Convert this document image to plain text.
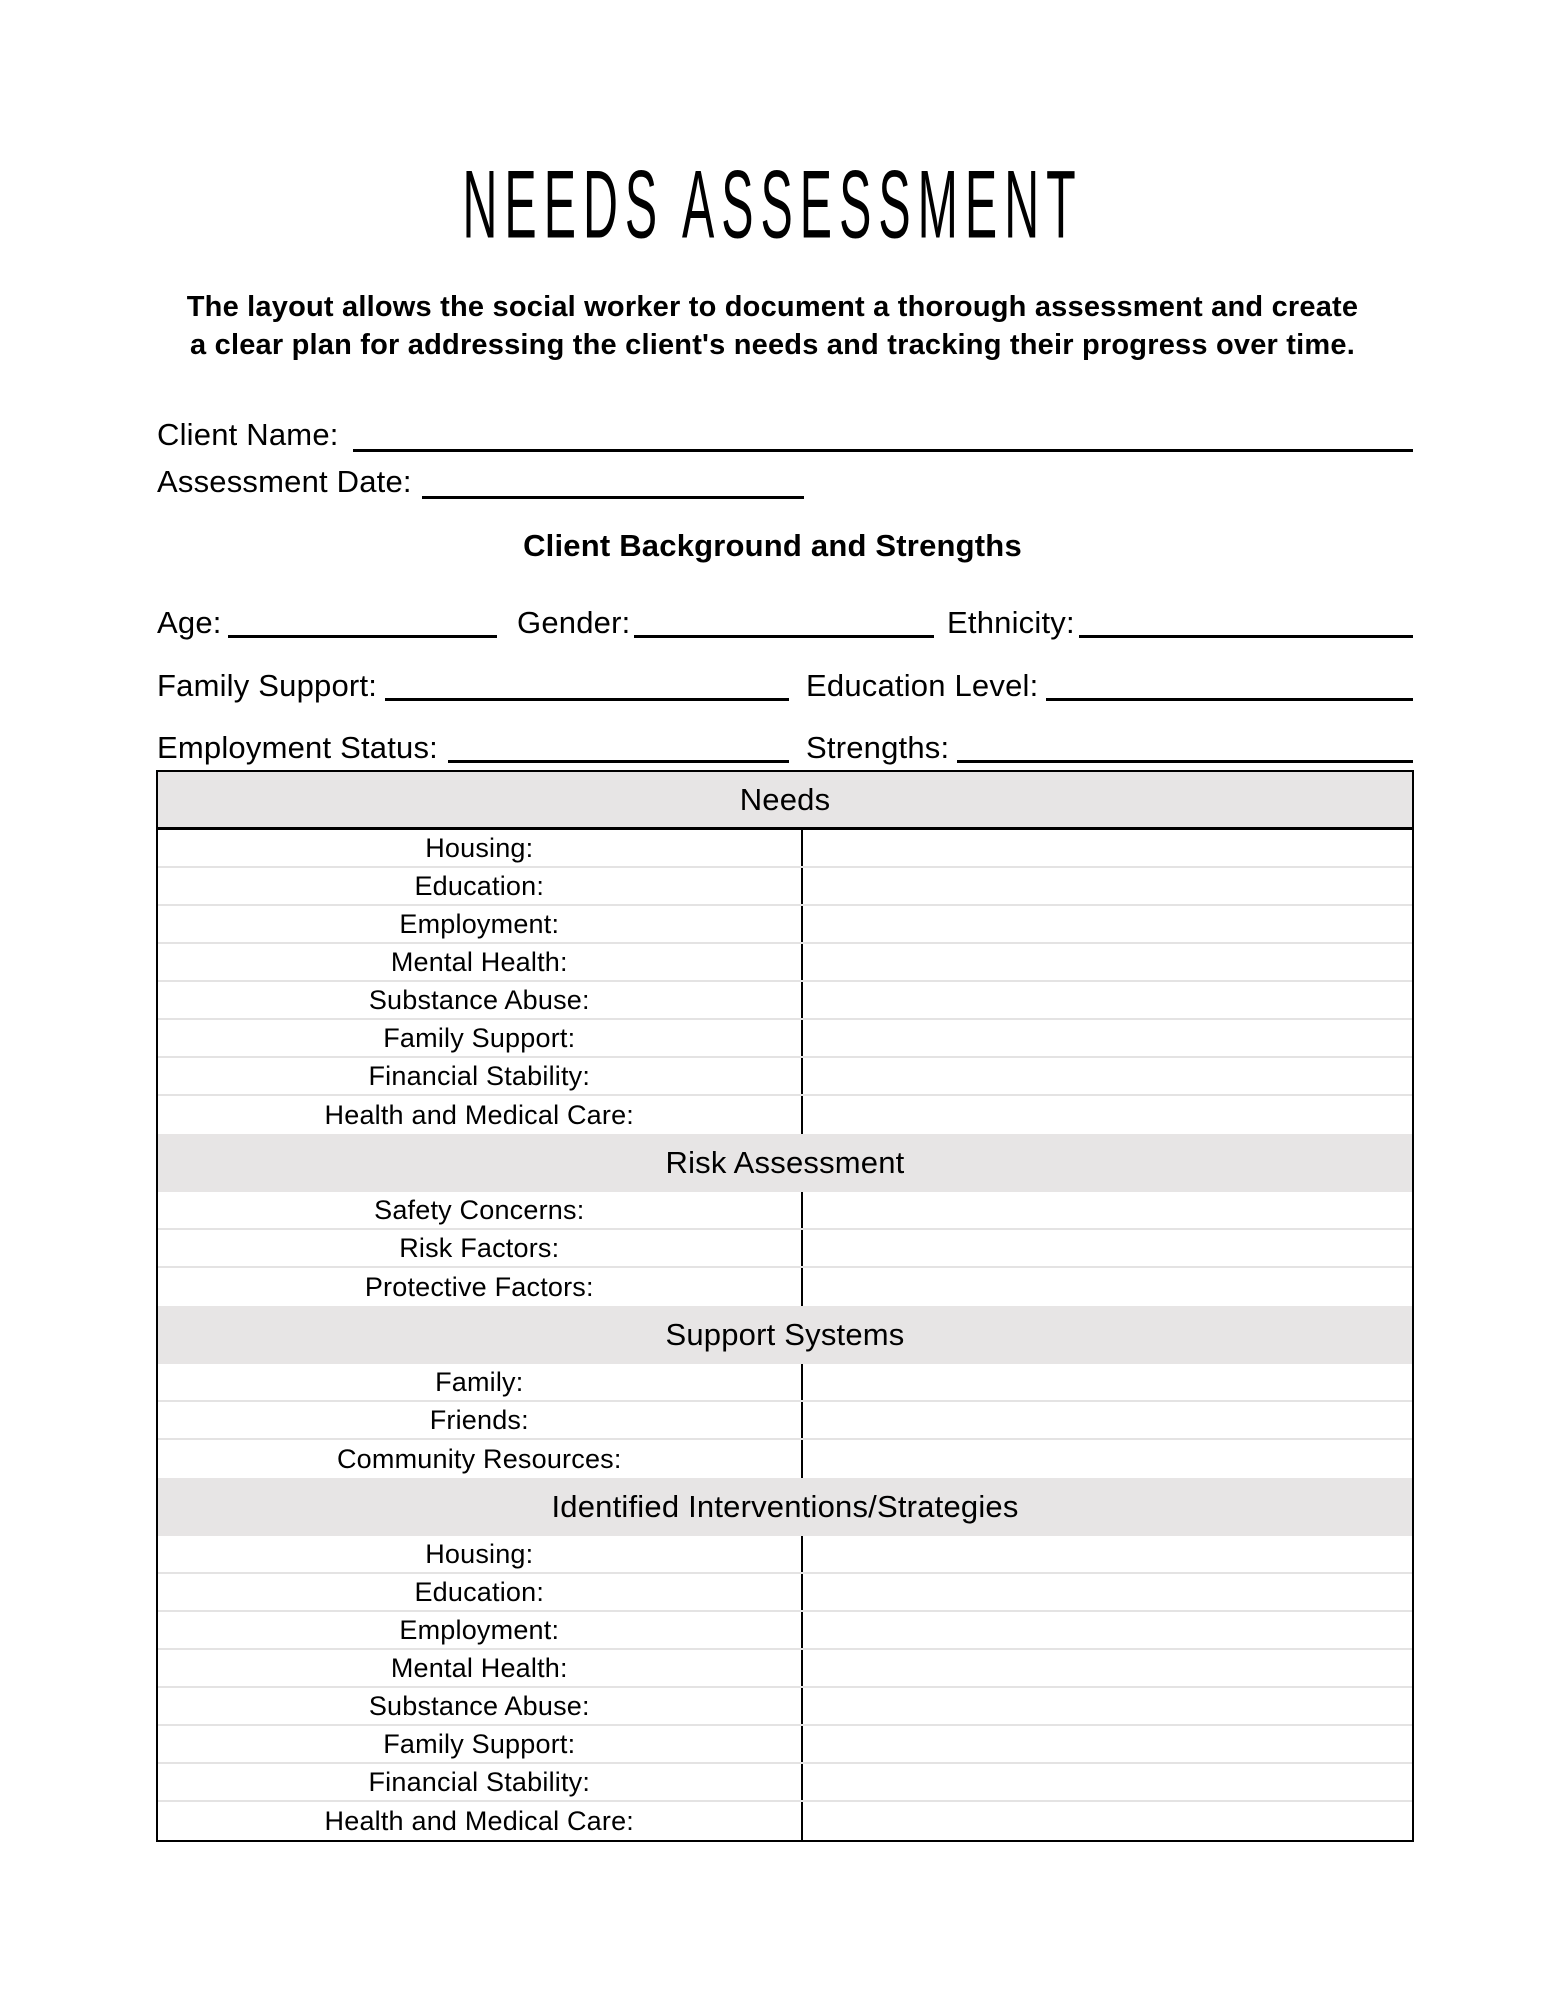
NEEDS ASSESSMENT
The layout allows the social worker to document a thorough assessment and create a clear plan for addressing the client's needs and tracking their progress over time.
Client Name:
Assessment Date:
Client Background and Strengths
Age:	Gender:	Ethnicity:
Family Support:	Education Level:
Employment Status:	Strengths:
Needs
Housing:
Education:
Employment:
Mental Health:
Substance Abuse:
Family Support:
Financial Stability:
Health and Medical Care:
Risk Assessment
Safety Concerns:
Risk Factors:
Protective Factors:
Support Systems
Family:
Friends:
Community Resources:
Identified Interventions/Strategies
Housing:
Education:
Employment:
Mental Health:
Substance Abuse:
Family Support:
Financial Stability:
Health and Medical Care:
